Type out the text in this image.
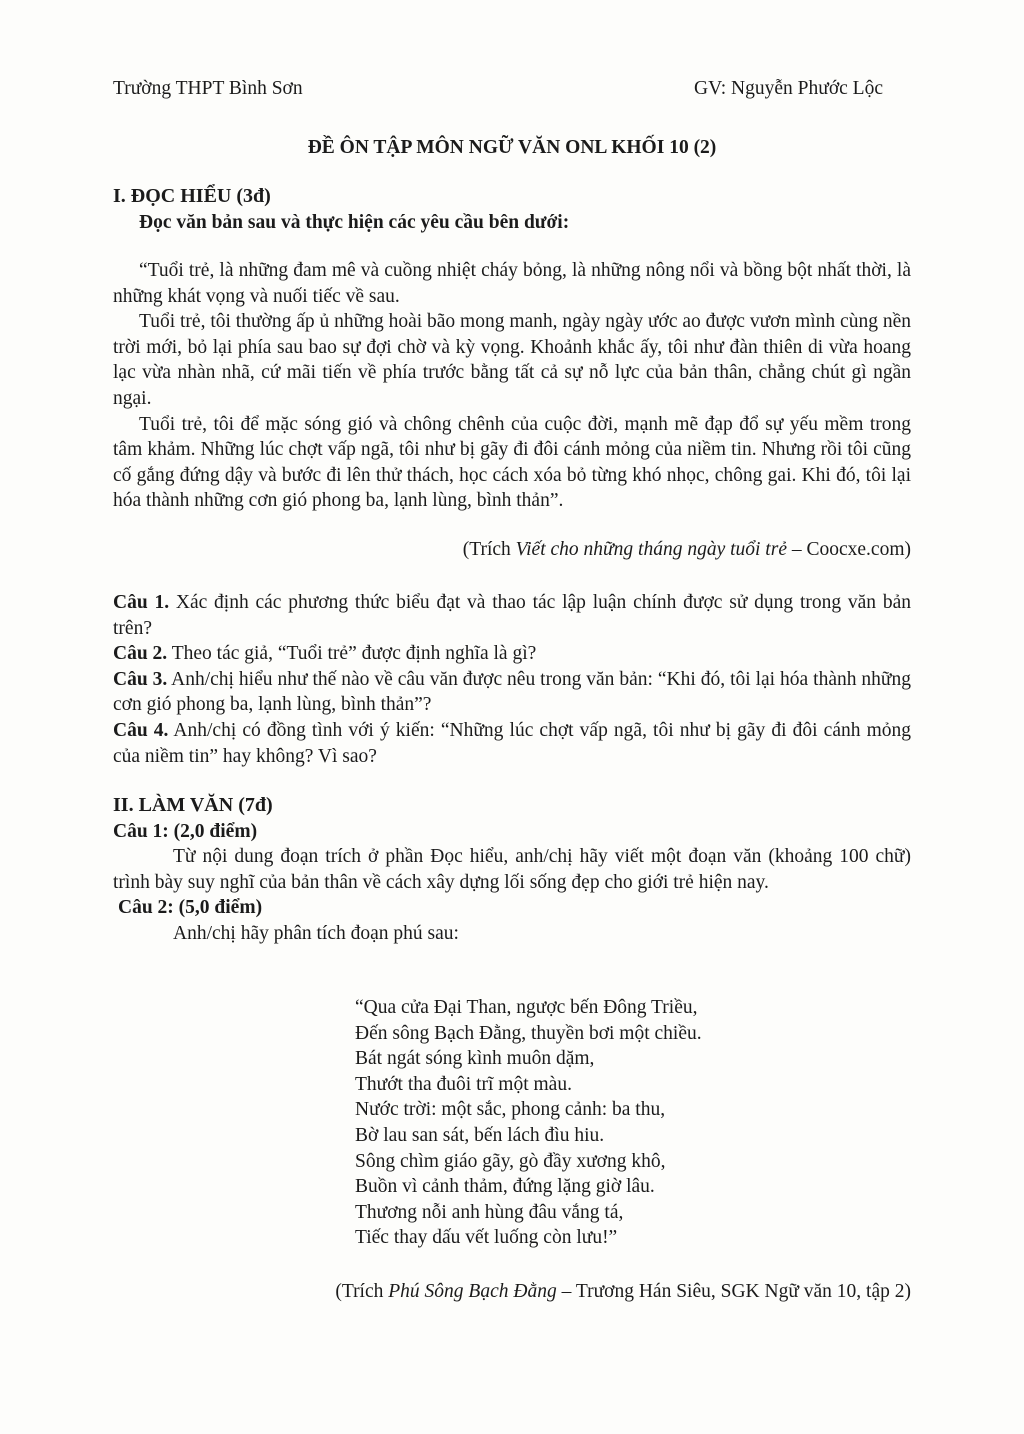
Trường THPT Bình Sơn	GV: Nguyễn Phước Lộc
ĐỀ ÔN TẬP MÔN NGỮ VĂN ONL KHỐI 10 (2)
I. ĐỌC HIỂU (3đ)
Đọc văn bản sau và thực hiện các yêu cầu bên dưới:

“Tuổi trẻ, là những đam mê và cuồng nhiệt cháy bỏng, là những nông nổi và bồng bột nhất thời, là những khát vọng và nuối tiếc về sau.

Tuổi trẻ, tôi thường ấp ủ những hoài bão mong manh, ngày ngày ước ao được vươn mình cùng nền trời mới, bỏ lại phía sau bao sự đợi chờ và kỳ vọng. Khoảnh khắc ấy, tôi như đàn thiên di vừa hoang lạc vừa nhàn nhã, cứ mãi tiến về phía trước bằng tất cả sự nỗ lực của bản thân, chẳng chút gì ngần ngại.

Tuổi trẻ, tôi để mặc sóng gió và chông chênh của cuộc đời, mạnh mẽ đạp đổ sự yếu mềm trong tâm khảm. Những lúc chợt vấp ngã, tôi như bị gãy đi đôi cánh mỏng của niềm tin. Nhưng rồi tôi cũng cố gắng đứng dậy và bước đi lên thử thách, học cách xóa bỏ từng khó nhọc, chông gai. Khi đó, tôi lại hóa thành những cơn gió phong ba, lạnh lùng, bình thản”.

(Trích Viết cho những tháng ngày tuổi trẻ – Coocxe.com)

Câu 1. Xác định các phương thức biểu đạt và thao tác lập luận chính được sử dụng trong văn bản trên?

Câu 2. Theo tác giả, “Tuổi trẻ” được định nghĩa là gì?

Câu 3. Anh/chị hiểu như thế nào về câu văn được nêu trong văn bản: “Khi đó, tôi lại hóa thành những cơn gió phong ba, lạnh lùng, bình thản”?

Câu 4. Anh/chị có đồng tình với ý kiến: “Những lúc chợt vấp ngã, tôi như bị gãy đi đôi cánh mỏng của niềm tin” hay không? Vì sao?

II. LÀM VĂN (7đ)
Câu 1: (2,0 điểm)

Từ nội dung đoạn trích ở phần Đọc hiểu, anh/chị hãy viết một đoạn văn (khoảng 100 chữ) trình bày suy nghĩ của bản thân về cách xây dựng lối sống đẹp cho giới trẻ hiện nay.

Câu 2: (5,0 điểm)

Anh/chị hãy phân tích đoạn phú sau:

“Qua cửa Đại Than, ngược bến Đông Triều,
Đến sông Bạch Đằng, thuyền bơi một chiều.
Bát ngát sóng kình muôn dặm,
Thướt tha đuôi trĩ một màu.
Nước trời: một sắc, phong cảnh: ba thu,
Bờ lau san sát, bến lách đìu hiu.
Sông chìm giáo gãy, gò đầy xương khô,
Buồn vì cảnh thảm, đứng lặng giờ lâu.
Thương nỗi anh hùng đâu vắng tá,
Tiếc thay dấu vết luống còn lưu!”

(Trích Phú Sông Bạch Đằng – Trương Hán Siêu, SGK Ngữ văn 10, tập 2)
